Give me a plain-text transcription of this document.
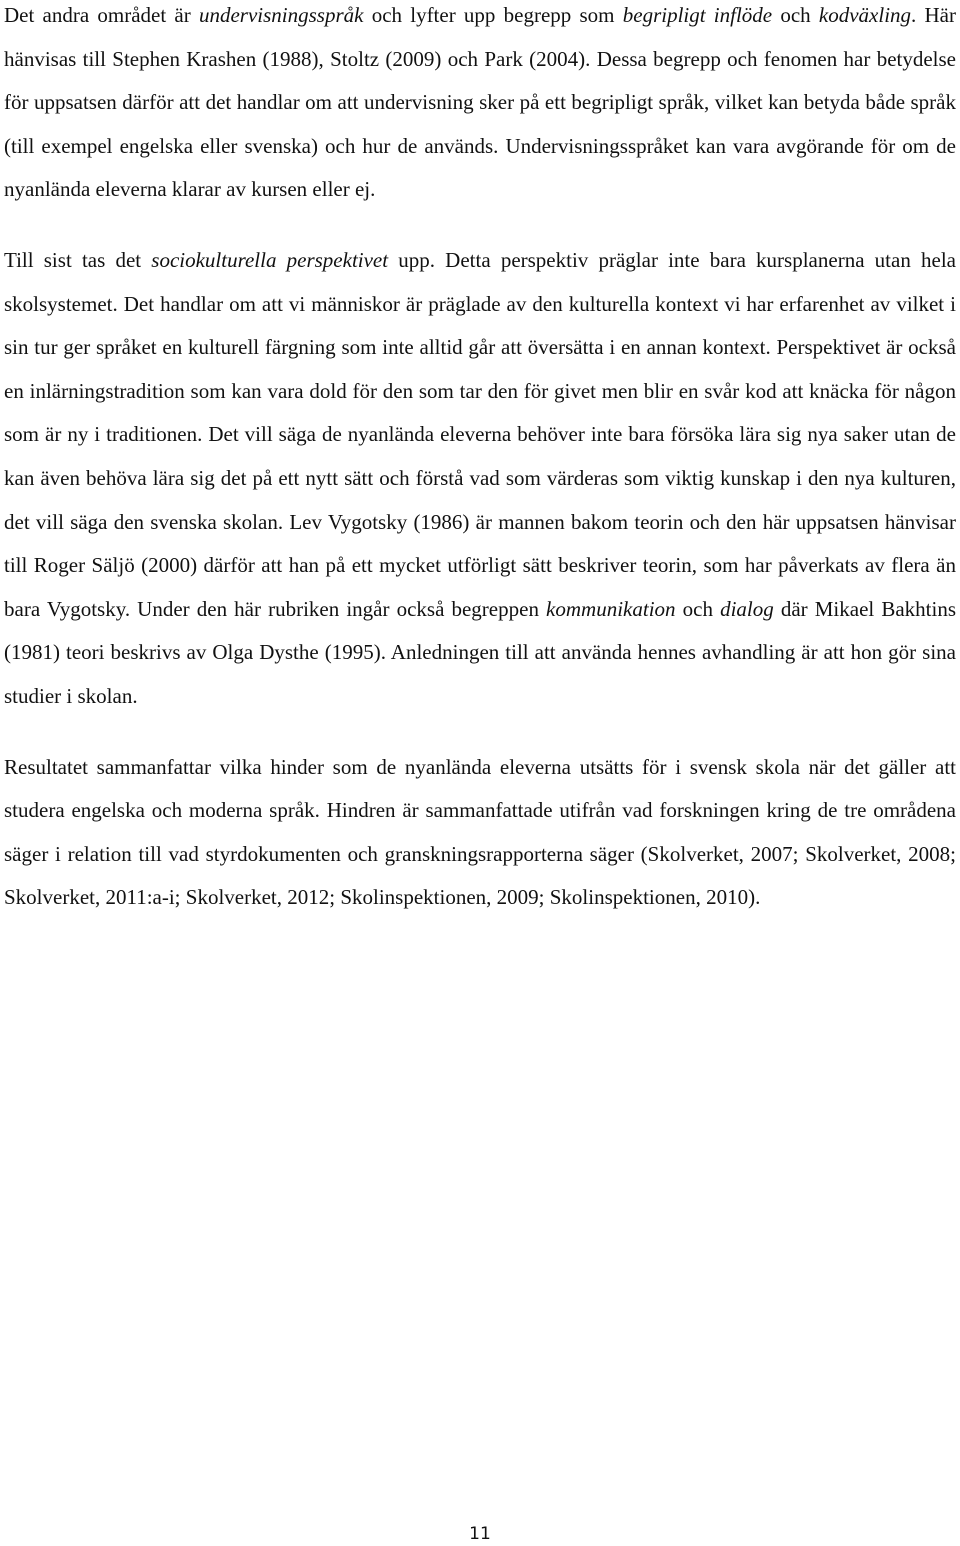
Det andra området är undervisningsspråk och lyfter upp begrepp som begripligt inflöde och kodväxling. Här hänvisas till Stephen Krashen (1988), Stoltz (2009) och Park (2004). Dessa begrepp och fenomen har betydelse för uppsatsen därför att det handlar om att undervisning sker på ett begripligt språk, vilket kan betyda både språk (till exempel engelska eller svenska) och hur de används. Undervisningsspråket kan vara avgörande för om de nyanlända eleverna klarar av kursen eller ej.

Till sist tas det sociokulturella perspektivet upp. Detta perspektiv präglar inte bara kursplanerna utan hela skolsystemet. Det handlar om att vi människor är präglade av den kulturella kontext vi har erfarenhet av vilket i sin tur ger språket en kulturell färgning som inte alltid går att översätta i en annan kontext. Perspektivet är också en inlärningstradition som kan vara dold för den som tar den för givet men blir en svår kod att knäcka för någon som är ny i traditionen. Det vill säga de nyanlända eleverna behöver inte bara försöka lära sig nya saker utan de kan även behöva lära sig det på ett nytt sätt och förstå vad som värderas som viktig kunskap i den nya kulturen, det vill säga den svenska skolan. Lev Vygotsky (1986) är mannen bakom teorin och den här uppsatsen hänvisar till Roger Säljö (2000) därför att han på ett mycket utförligt sätt beskriver teorin, som har påverkats av flera än bara Vygotsky. Under den här rubriken ingår också begreppen kommunikation och dialog där Mikael Bakhtins (1981) teori beskrivs av Olga Dysthe (1995). Anledningen till att använda hennes avhandling är att hon gör sina studier i skolan.

Resultatet sammanfattar vilka hinder som de nyanlända eleverna utsätts för i svensk skola när det gäller att studera engelska och moderna språk. Hindren är sammanfattade utifrån vad forskningen kring de tre områdena säger i relation till vad styrdokumenten och granskningsrapporterna säger (Skolverket, 2007; Skolverket, 2008; Skolverket, 2011:a-i; Skolverket, 2012; Skolinspektionen, 2009; Skolinspektionen, 2010).

11
